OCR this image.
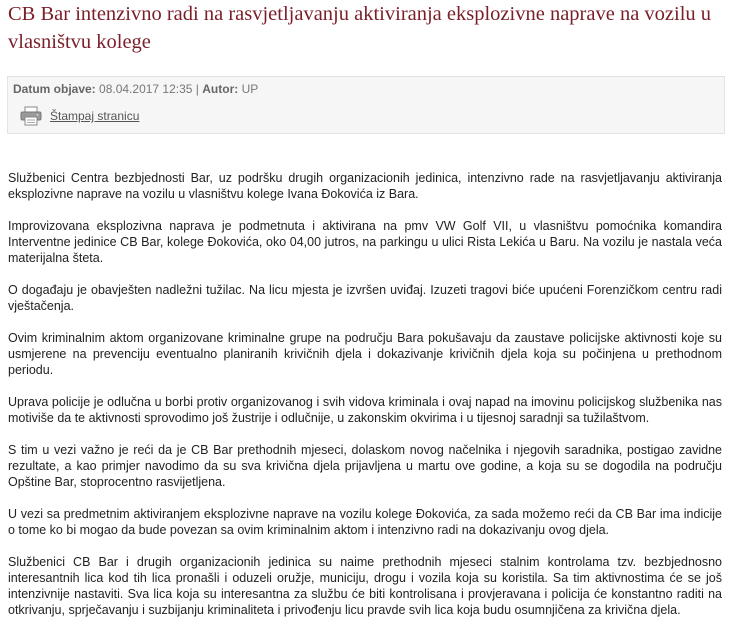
CB Bar intenzivno radi na rasvjetljavanju aktiviranja eksplozivne naprave na vozilu u vlasništvu kolege
Datum objave: 08.04.2017 12:35 | Autor: UP
Štampaj stranicu

Službenici Centra bezbjednosti Bar, uz podršku drugih organizacionih jedinica, intenzivno rade na rasvjetljavanju aktiviranja eksplozivne naprave na vozilu u vlasništvu kolege Ivana Đokovića iz Bara.

Improvizovana eksplozivna naprava je podmetnuta i aktivirana na pmv VW Golf VII, u vlasništvu pomoćnika komandira Interventne jedinice CB Bar, kolege Đokovića, oko 04,00 jutros, na parkingu u ulici Rista Lekića u Baru. Na vozilu je nastala veća materijalna šteta.

O događaju je obavješten nadležni tužilac. Na licu mjesta je izvršen uviđaj. Izuzeti tragovi biće upućeni Forenzičkom centru radi vještačenja.

Ovim kriminalnim aktom organizovane kriminalne grupe na području Bara pokušavaju da zaustave policijske aktivnosti koje su usmjerene na prevenciju eventualno planiranih krivičnih djela i dokazivanje krivičnih djela koja su počinjena u prethodnom periodu.

Uprava policije je odlučna u borbi protiv organizovanog i svih vidova kriminala i ovaj napad na imovinu policijskog službenika nas motiviše da te aktivnosti sprovodimo još žustrije i odlučnije, u zakonskim okvirima i u tijesnoj saradnji sa tužilaštvom.

S tim u vezi važno je reći da je CB Bar prethodnih mjeseci, dolaskom novog načelnika i njegovih saradnika, postigao zavidne rezultate, a kao primjer navodimo da su sva krivična djela prijavljena u martu ove godine, a koja su se dogodila na području Opštine Bar, stoprocentno rasvijetljena.

U vezi sa predmetnim aktiviranjem eksplozivne naprave na vozilu kolege Đokovića, za sada možemo reći da CB Bar ima indicije o tome ko bi mogao da bude povezan sa ovim kriminalnim aktom i intenzivno radi na dokazivanju ovog djela.

Službenici CB Bar i drugih organizacionih jedinica su naime prethodnih mjeseci stalnim kontrolama tzv. bezbjednosno interesantnih lica kod tih lica pronašli i oduzeli oružje, municiju, drogu i vozila koja su koristila. Sa tim aktivnostima će se još intenzivnije nastaviti. Sva lica koja su interesantna za službu će biti kontrolisana i provjeravana i policija će konstantno raditi na otkrivanju, sprječavanju i suzbijanju kriminaliteta i privođenju licu pravde svih lica koja budu osumnjičena za krivična djela.
